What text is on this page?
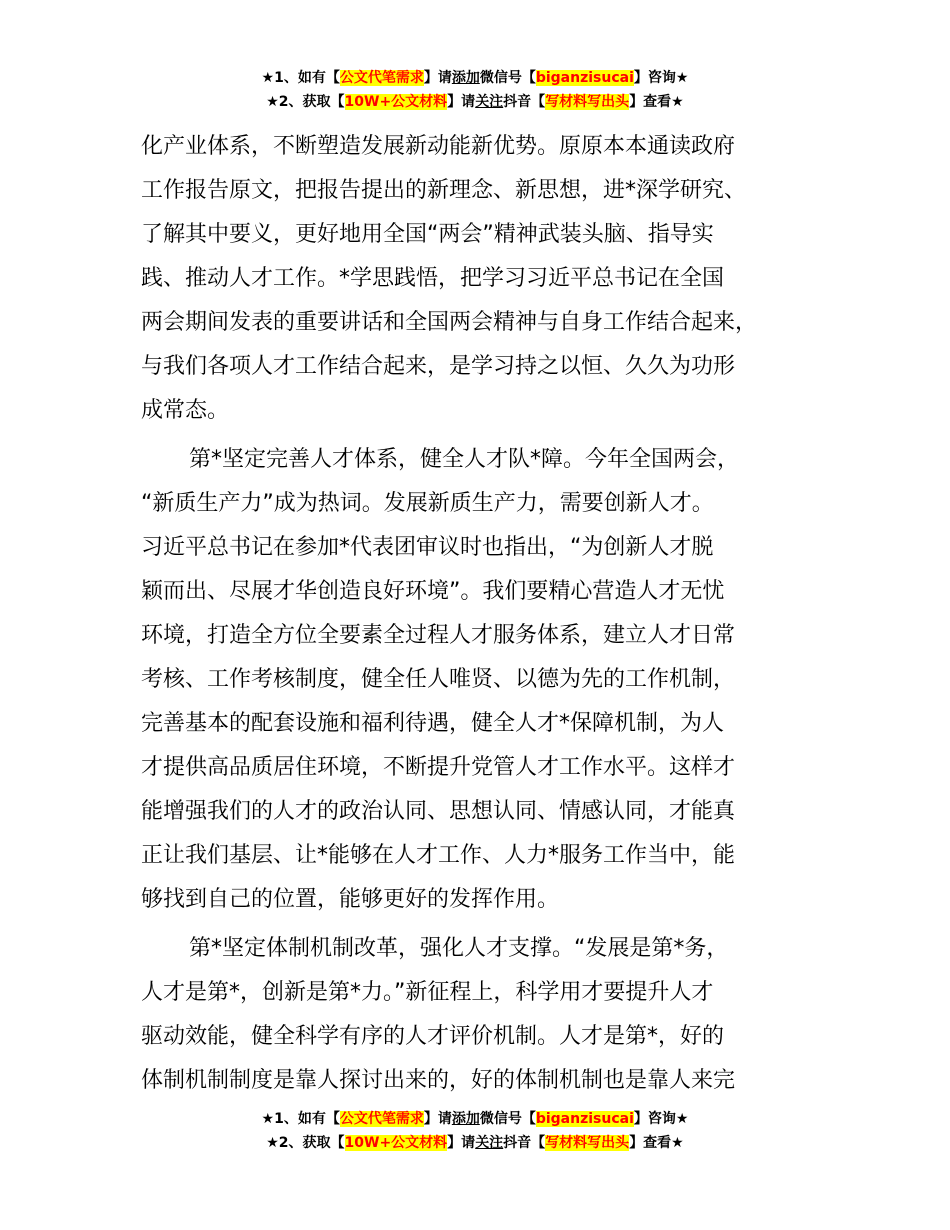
★1、如有【公文代笔需求】请添加微信号【biganzisucai】咨询★
★2、获取【10W+公文材料】请关注抖音【写材料写出头】查看★
化产业体系，不断塑造发展新动能新优势。原原本本通读政府
工作报告原文，把报告提出的新理念、新思想，进*深学研究、
了解其中要义，更好地用全国“两会”精神武装头脑、指导实
践、推动人才工作。*学思践悟，把学习习近平总书记在全国
两会期间发表的重要讲话和全国两会精神与自身工作结合起来，
与我们各项人才工作结合起来，是学习持之以恒、久久为功形
成常态。
第*坚定完善人才体系，健全人才队*障。今年全国两会，
“新质生产力”成为热词。发展新质生产力，需要创新人才。
习近平总书记在参加*代表团审议时也指出，“为创新人才脱
颖而出、尽展才华创造良好环境”。我们要精心营造人才无忧
环境，打造全方位全要素全过程人才服务体系，建立人才日常
考核、工作考核制度，健全任人唯贤、以德为先的工作机制，
完善基本的配套设施和福利待遇，健全人才*保障机制，为人
才提供高品质居住环境，不断提升党管人才工作水平。这样才
能增强我们的人才的政治认同、思想认同、情感认同，才能真
正让我们基层、让*能够在人才工作、人力*服务工作当中，能
够找到自己的位置，能够更好的发挥作用。
第*坚定体制机制改革，强化人才支撑。“发展是第*务，
人才是第*，创新是第*力。”新征程上，科学用才要提升人才
驱动效能，健全科学有序的人才评价机制。人才是第*，好的
体制机制制度是靠人探讨出来的，好的体制机制也是靠人来完
★1、如有【公文代笔需求】请添加微信号【biganzisucai】咨询★
★2、获取【10W+公文材料】请关注抖音【写材料写出头】查看★
